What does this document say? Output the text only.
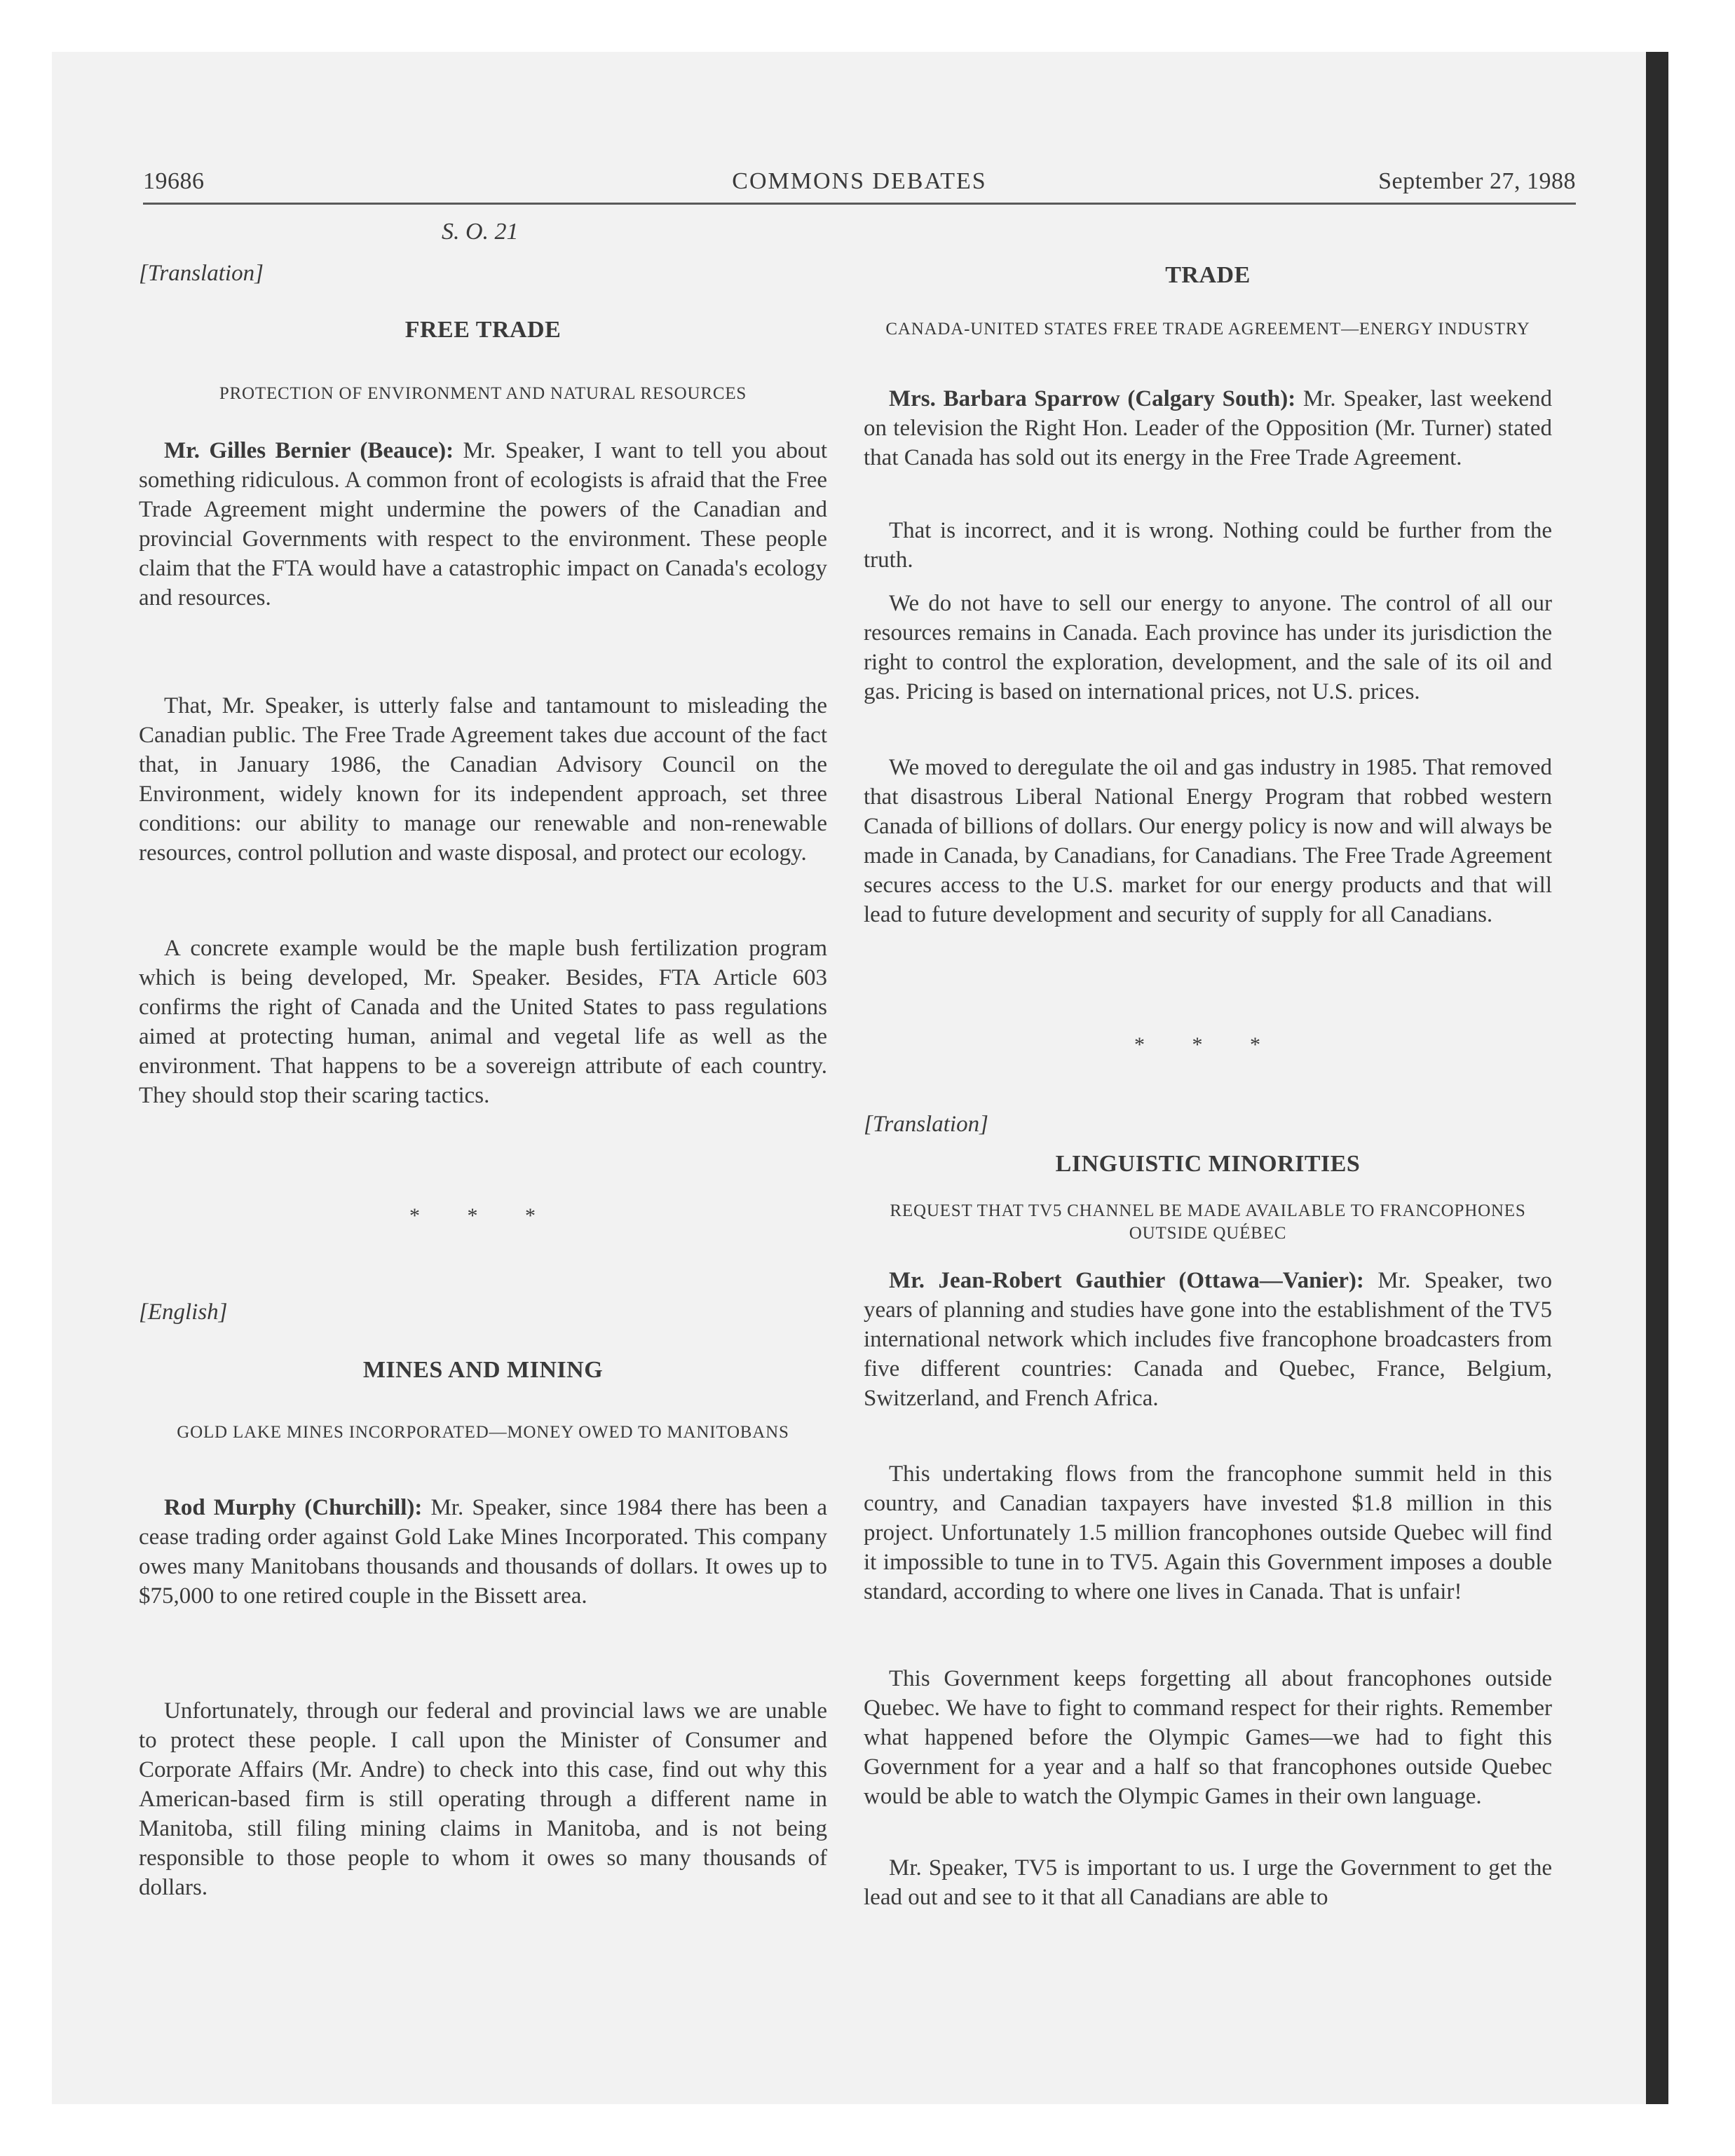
19686	COMMONS DEBATES	September 27, 1988
S. O. 21
[Translation]
FREE TRADE
PROTECTION OF ENVIRONMENT AND NATURAL RESOURCES

Mr. Gilles Bernier (Beauce): Mr. Speaker, I want to tell you about something ridiculous. A common front of ecologists is afraid that the Free Trade Agreement might undermine the powers of the Canadian and provincial Governments with respect to the environment. These people claim that the FTA would have a catastrophic impact on Canada's ecology and resources.

That, Mr. Speaker, is utterly false and tantamount to misleading the Canadian public. The Free Trade Agreement takes due account of the fact that, in January 1986, the Canadian Advisory Council on the Environment, widely known for its independent approach, set three conditions: our ability to manage our renewable and non-renewable resources, control pollution and waste disposal, and protect our ecology.

A concrete example would be the maple bush fertilization program which is being developed, Mr. Speaker. Besides, FTA Article 603 confirms the right of Canada and the United States to pass regulations aimed at protecting human, animal and vegetal life as well as the environment. That happens to be a sovereign attribute of each country. They should stop their scaring tactics.

* * *
[English]
MINES AND MINING
GOLD LAKE MINES INCORPORATED—MONEY OWED TO MANITOBANS

Rod Murphy (Churchill): Mr. Speaker, since 1984 there has been a cease trading order against Gold Lake Mines Incorporated. This company owes many Manitobans thousands and thousands of dollars. It owes up to $75,000 to one retired couple in the Bissett area.

Unfortunately, through our federal and provincial laws we are unable to protect these people. I call upon the Minister of Consumer and Corporate Affairs (Mr. Andre) to check into this case, find out why this American-based firm is still operating through a different name in Manitoba, still filing mining claims in Manitoba, and is not being responsible to those people to whom it owes so many thousands of dollars.

TRADE
CANADA-UNITED STATES FREE TRADE AGREEMENT—ENERGY INDUSTRY

Mrs. Barbara Sparrow (Calgary South): Mr. Speaker, last weekend on television the Right Hon. Leader of the Opposition (Mr. Turner) stated that Canada has sold out its energy in the Free Trade Agreement.

That is incorrect, and it is wrong. Nothing could be further from the truth.

We do not have to sell our energy to anyone. The control of all our resources remains in Canada. Each province has under its jurisdiction the right to control the exploration, development, and the sale of its oil and gas. Pricing is based on international prices, not U.S. prices.

We moved to deregulate the oil and gas industry in 1985. That removed that disastrous Liberal National Energy Program that robbed western Canada of billions of dollars. Our energy policy is now and will always be made in Canada, by Canadians, for Canadians. The Free Trade Agreement secures access to the U.S. market for our energy products and that will lead to future development and security of supply for all Canadians.

* * *
[Translation]
LINGUISTIC MINORITIES
REQUEST THAT TV5 CHANNEL BE MADE AVAILABLE TO FRANCOPHONES OUTSIDE QUÉBEC

Mr. Jean-Robert Gauthier (Ottawa—Vanier): Mr. Speaker, two years of planning and studies have gone into the establishment of the TV5 international network which includes five francophone broadcasters from five different countries: Canada and Quebec, France, Belgium, Switzerland, and French Africa.

This undertaking flows from the francophone summit held in this country, and Canadian taxpayers have invested $1.8 million in this project. Unfortunately 1.5 million francophones outside Quebec will find it impossible to tune in to TV5. Again this Government imposes a double standard, according to where one lives in Canada. That is unfair!

This Government keeps forgetting all about francophones outside Quebec. We have to fight to command respect for their rights. Remember what happened before the Olympic Games—we had to fight this Government for a year and a half so that francophones outside Quebec would be able to watch the Olympic Games in their own language.

Mr. Speaker, TV5 is important to us. I urge the Government to get the lead out and see to it that all Canadians are able to
